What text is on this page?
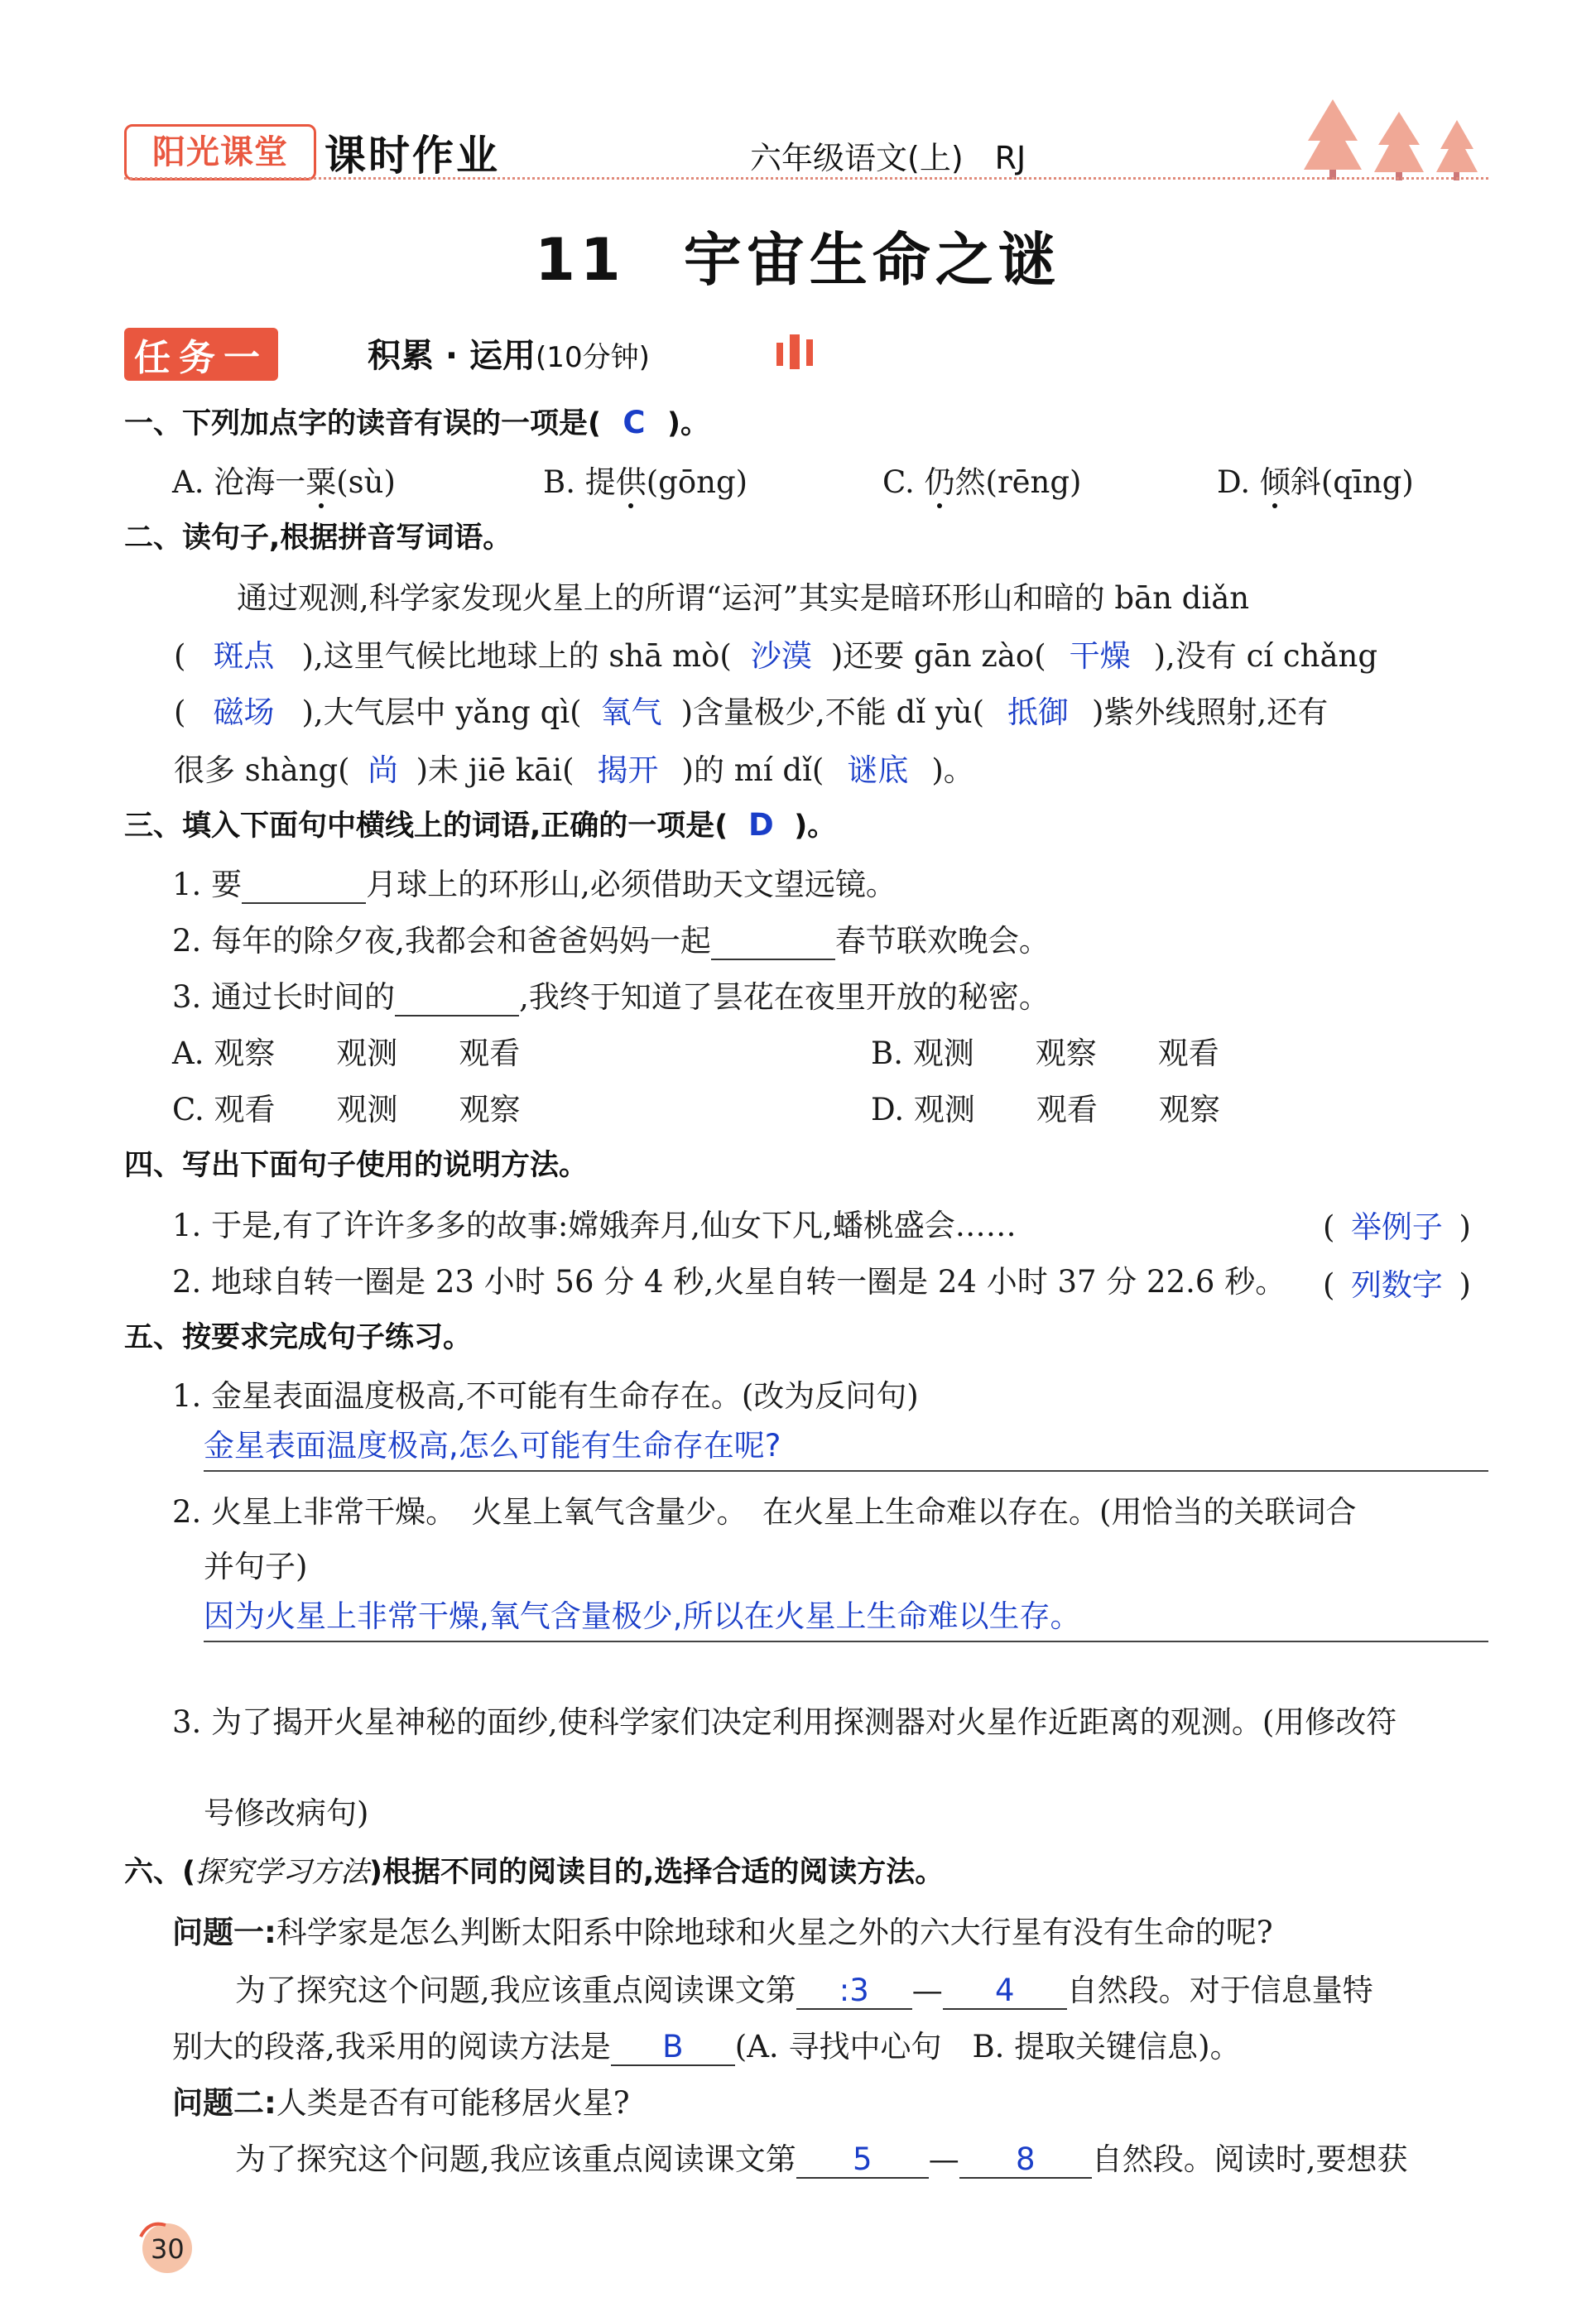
阳光课堂 课时作业	六年级语文(上)　RJ
11 宇宙生命之谜
任务一	积累 · 运用(10分钟)
一、下列加点字的读音有误的一项是( C )。
A. 沧海一粟(sù)	B. 提供(gōng)	C. 仍然(rēng)	D. 倾斜(qīng)
二、读句子,根据拼音写词语。
通过观测,科学家发现火星上的所谓“运河”其实是暗环形山和暗的 bān diǎn
( 斑点 ),这里气候比地球上的 shā mò( 沙漠 )还要 gān zào( 干燥 ),没有 cí chǎng
( 磁场 ),大气层中 yǎng qì( 氧气 )含量极少,不能 dǐ yù( 抵御 )紫外线照射,还有
很多 shàng( 尚 )未 jiē kāi( 揭开 )的 mí dǐ( 谜底 )。
三、填入下面句中横线上的词语,正确的一项是( D )。
1. 要	月球上的环形山,必须借助天文望远镜。
2. 每年的除夕夜,我都会和爸爸妈妈一起	春节联欢晚会。
3. 通过长时间的	,我终于知道了昙花在夜里开放的秘密。
A. 观察　　观测　　观看	B. 观测　　观察　　观看
C. 观看　　观测　　观察	D. 观测　　观看　　观察
四、写出下面句子使用的说明方法。
1. 于是,有了许许多多的故事:嫦娥奔月,仙女下凡,蟠桃盛会……	( 举例子 )
2. 地球自转一圈是 23 小时 56 分 4 秒,火星自转一圈是 24 小时 37 分 22.6 秒。 ( 列数字 )
五、按要求完成句子练习。
1. 金星表面温度极高,不可能有生命存在。(改为反问句)
金星表面温度极高,怎么可能有生命存在呢?
2. 火星上非常干燥。　火星上氧气含量少。　在火星上生命难以存在。(用恰当的关联词合
并句子)
因为火星上非常干燥,氧气含量极少,所以在火星上生命难以生存。
3. 为了揭开火星神秘的面纱,使科学家们决定利用探测器对火星作近距离的观测。(用修改符
号修改病句)
六、(探究学习方法)根据不同的阅读目的,选择合适的阅读方法。
问题一:科学家是怎么判断太阳系中除地球和火星之外的六大行星有没有生命的呢?
为了探究这个问题,我应该重点阅读课文第 :3 — 4 自然段。对于信息量特
别大的段落,我采用的阅读方法是 B (A. 寻找中心句　B. 提取关键信息)。
问题二:人类是否有可能移居火星?
为了探究这个问题,我应该重点阅读课文第 5 — 8 自然段。阅读时,要想获
30
